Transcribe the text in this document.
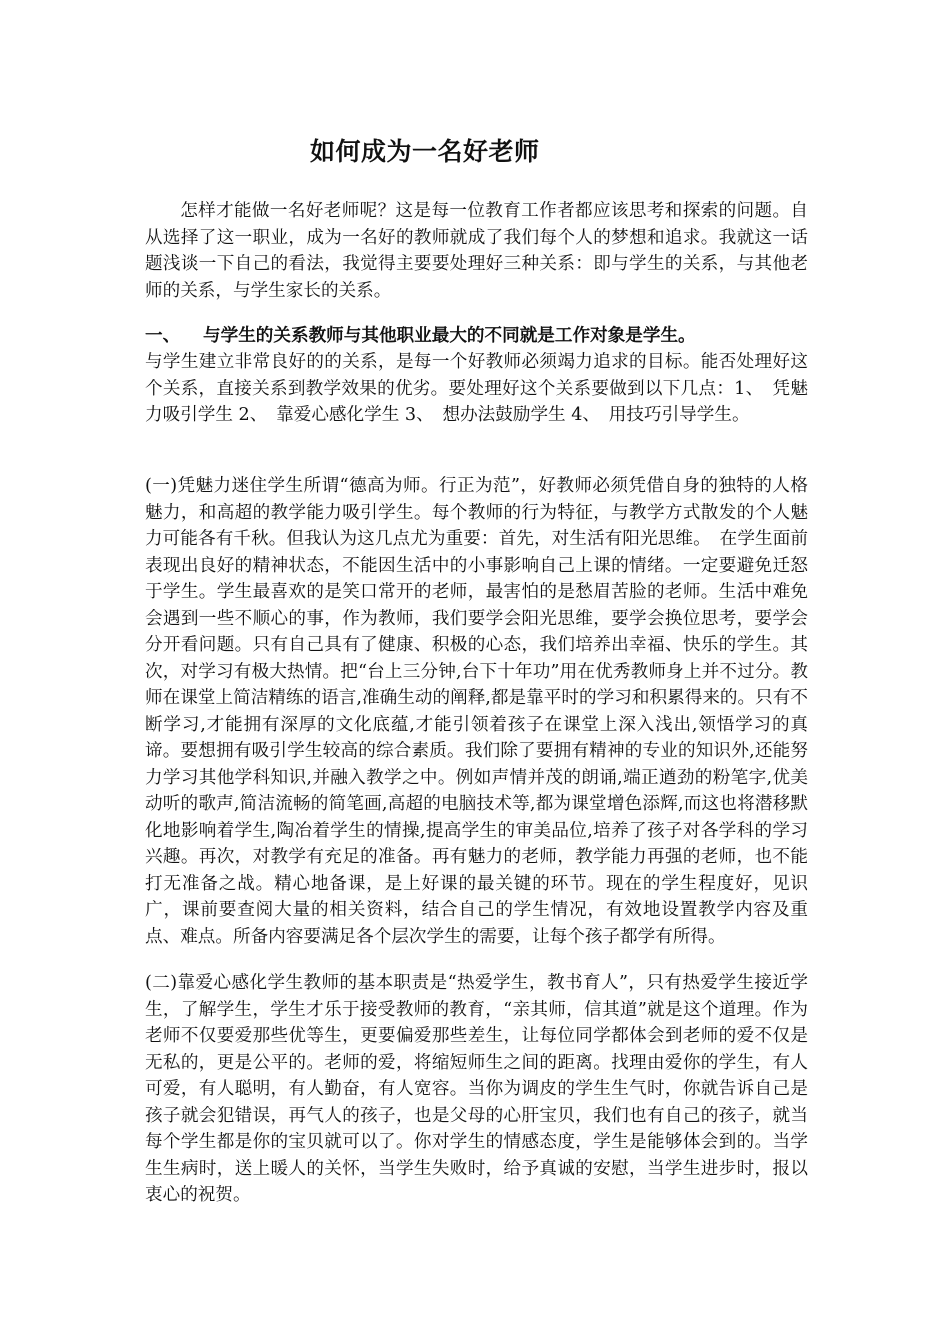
如何成为一名好老师

怎样才能做一名好老师呢？这是每一位教育工作者都应该思考和探索的问题。自从选择了这一职业，成为一名好的教师就成了我们每个人的梦想和追求。我就这一话题浅谈一下自己的看法，我觉得主要要处理好三种关系：即与学生的关系，与其他老师的关系，与学生家长的关系。

一、 与学生的关系教师与其他职业最大的不同就是工作对象是学生。

与学生建立非常良好的的关系，是每一个好教师必须竭力追求的目标。能否处理好这个关系，直接关系到教学效果的优劣。要处理好这个关系要做到以下几点：1、　凭魅力吸引学生 2、　靠爱心感化学生 3、　想办法鼓励学生 4、　用技巧引导学生。

(一)凭魅力迷住学生所谓“德高为师。行正为范”，好教师必须凭借自身的独特的人格魅力，和高超的教学能力吸引学生。每个教师的行为特征，与教学方式散发的个人魅力可能各有千秋。但我认为这几点尤为重要：首先，对生活有阳光思维。　在学生面前表现出良好的精神状态，不能因生活中的小事影响自己上课的情绪。一定要避免迁怒于学生。学生最喜欢的是笑口常开的老师，最害怕的是愁眉苦脸的老师。生活中难免会遇到一些不顺心的事，作为教师，我们要学会阳光思维，要学会换位思考，要学会分开看问题。只有自己具有了健康、积极的心态，我们培养出幸福、快乐的学生。其次，对学习有极大热情。把“台上三分钟,台下十年功”用在优秀教师身上并不过分。教师在课堂上简洁精练的语言,准确生动的阐释,都是靠平时的学习和积累得来的。只有不断学习,才能拥有深厚的文化底蕴,才能引领着孩子在课堂上深入浅出,领悟学习的真谛。要想拥有吸引学生较高的综合素质。我们除了要拥有精神的专业的知识外,还能努力学习其他学科知识,并融入教学之中。例如声情并茂的朗诵,端正遒劲的粉笔字,优美动听的歌声,简洁流畅的简笔画,高超的电脑技术等,都为课堂增色添辉,而这也将潜移默化地影响着学生,陶冶着学生的情操,提高学生的审美品位,培养了孩子对各学科的学习兴趣。再次，对教学有充足的准备。再有魅力的老师，教学能力再强的老师，也不能打无准备之战。精心地备课，是上好课的最关键的环节。现在的学生程度好，见识广，课前要查阅大量的相关资料，结合自己的学生情况，有效地设置教学内容及重点、难点。所备内容要满足各个层次学生的需要，让每个孩子都学有所得。

(二)靠爱心感化学生教师的基本职责是“热爱学生，教书育人”，只有热爱学生接近学生，了解学生，学生才乐于接受教师的教育，“亲其师，信其道”就是这个道理。作为老师不仅要爱那些优等生，更要偏爱那些差生，让每位同学都体会到老师的爱不仅是无私的，更是公平的。老师的爱，将缩短师生之间的距离。找理由爱你的学生，有人可爱，有人聪明，有人勤奋，有人宽容。当你为调皮的学生生气时，你就告诉自己是孩子就会犯错误，再气人的孩子，也是父母的心肝宝贝，我们也有自己的孩子，就当每个学生都是你的宝贝就可以了。你对学生的情感态度，学生是能够体会到的。当学生生病时，送上暖人的关怀，当学生失败时，给予真诚的安慰，当学生进步时，报以衷心的祝贺。
